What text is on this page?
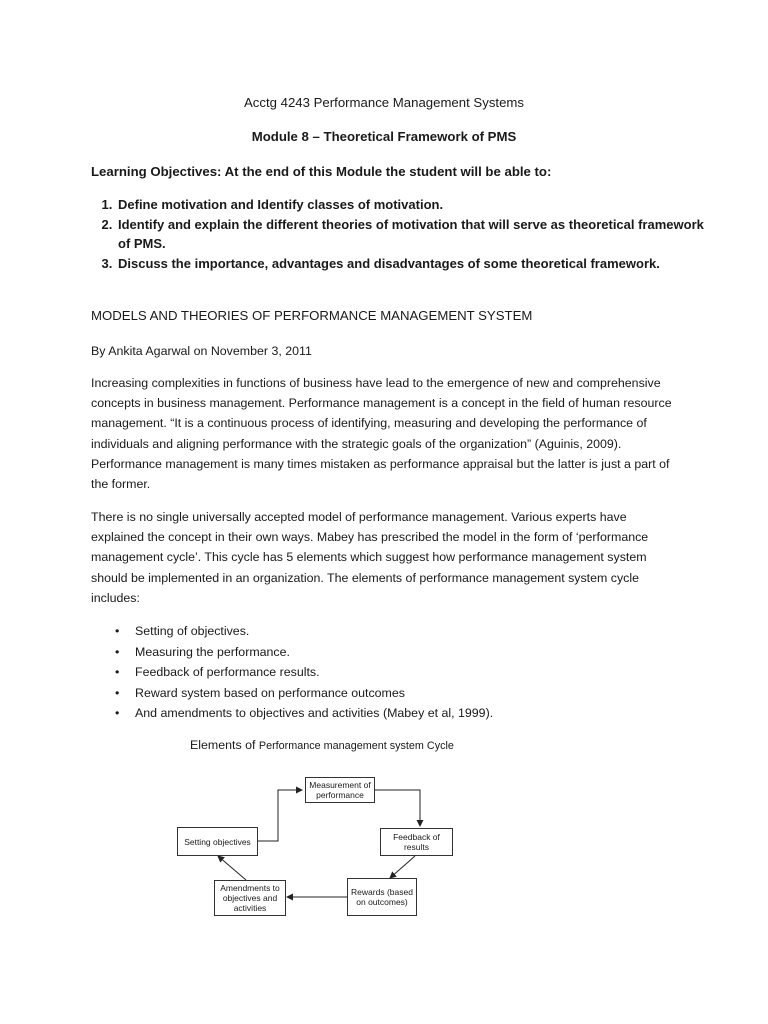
Acctg 4243 Performance Management Systems
Module 8 – Theoretical Framework of PMS
Learning Objectives: At the end of this Module the student will be able to:
1. Define motivation and Identify classes of motivation.
2. Identify and explain the different theories of motivation that will serve as theoretical framework of PMS.
3. Discuss the importance, advantages and disadvantages of some theoretical framework.
MODELS AND THEORIES OF PERFORMANCE MANAGEMENT SYSTEM
By Ankita Agarwal on November 3, 2011

Increasing complexities in functions of business have lead to the emergence of new and comprehensive concepts in business management. Performance management is a concept in the field of human resource management. “It is a continuous process of identifying, measuring and developing the performance of individuals and aligning performance with the strategic goals of the organization” (Aguinis, 2009). Performance management is many times mistaken as performance appraisal but the latter is just a part of the former.

There is no single universally accepted model of performance management. Various experts have explained the concept in their own ways. Mabey has prescribed the model in the form of ‘performance management cycle’. This cycle has 5 elements which suggest how performance management system should be implemented in an organization. The elements of performance management system cycle includes:

• Setting of objectives.
• Measuring the performance.
• Feedback of performance results.
• Reward system based on performance outcomes
• And amendments to objectives and activities (Mabey et al, 1999).
Elements of Performance management system Cycle
Measurement of performance
Feedback of results
Rewards (based on outcomes)
Amendments to objectives and activities
Setting objectives
